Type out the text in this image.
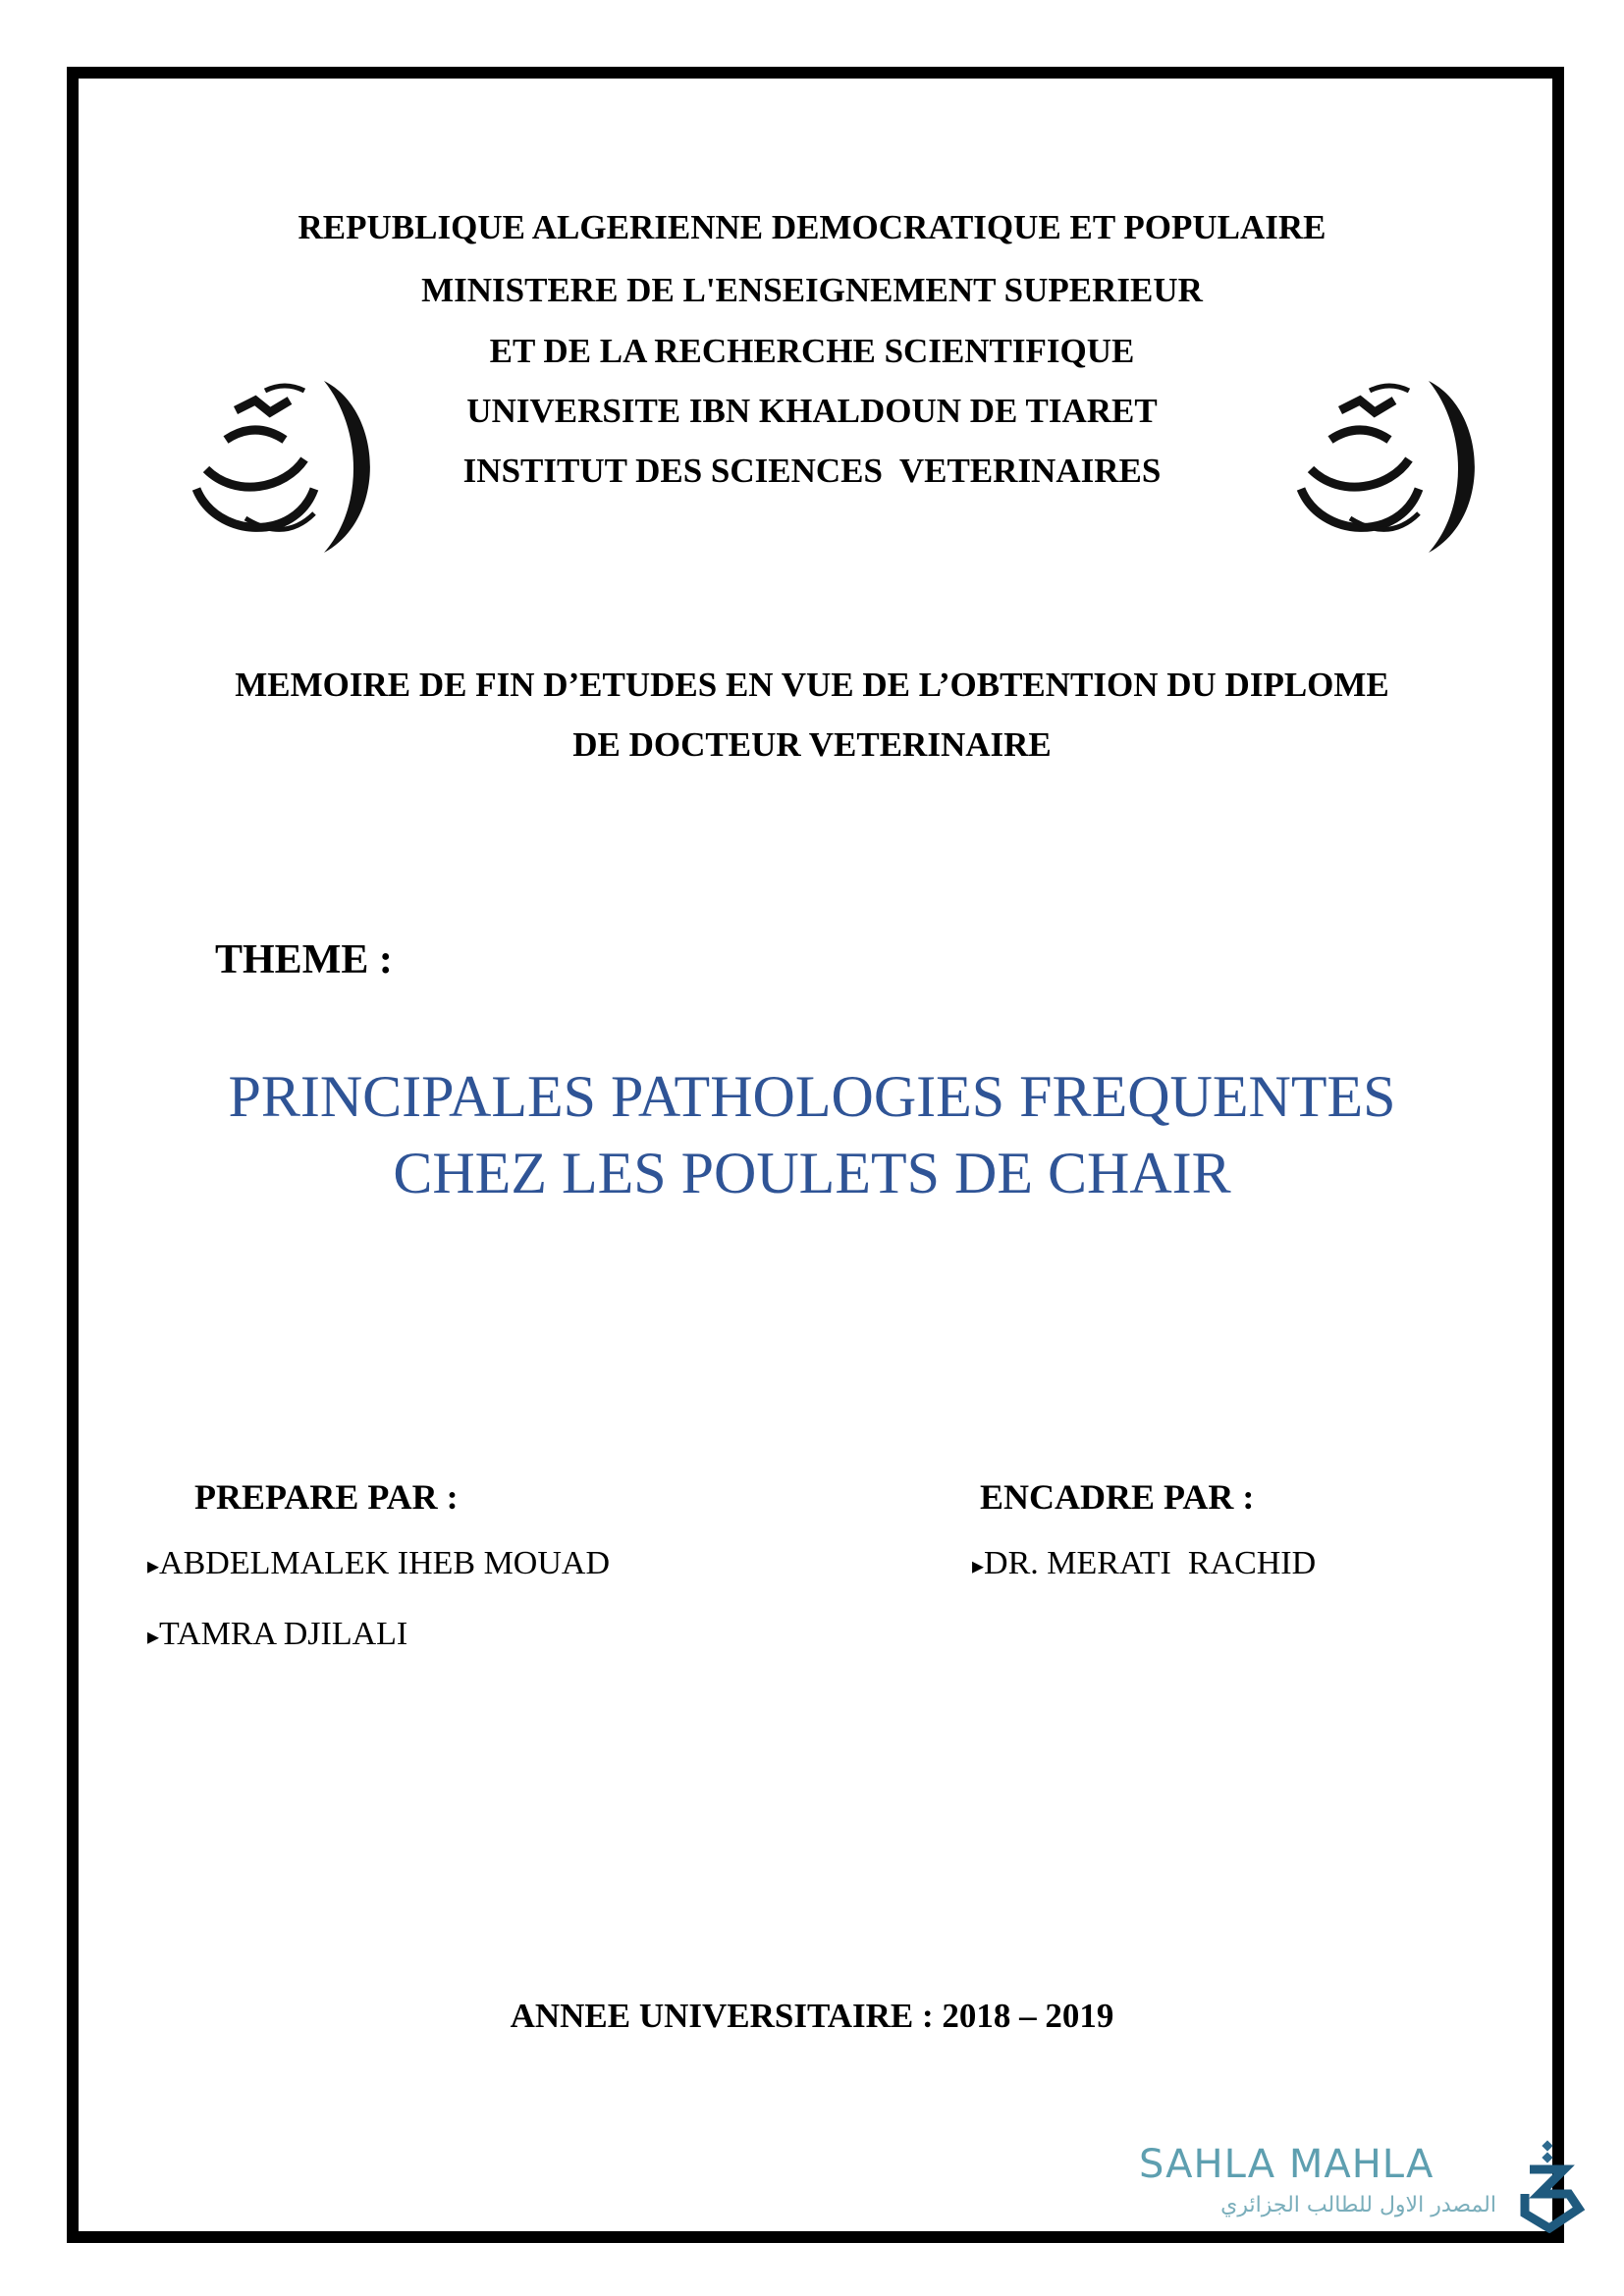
REPUBLIQUE ALGERIENNE DEMOCRATIQUE ET POPULAIRE
MINISTERE DE L'ENSEIGNEMENT SUPERIEUR
ET DE LA RECHERCHE SCIENTIFIQUE
UNIVERSITE IBN KHALDOUN DE TIARET
INSTITUT DES SCIENCES  VETERINAIRES
MEMOIRE DE FIN D’ETUDES EN VUE DE L’OBTENTION DU DIPLOME
DE DOCTEUR VETERINAIRE
THEME :
PRINCIPALES PATHOLOGIES FREQUENTES
CHEZ LES POULETS DE CHAIR
PREPARE PAR :	ENCADRE PAR :
▸ABDELMALEK IHEB MOUAD
▸TAMRA DJILALI
▸DR. MERATI  RACHID
ANNEE UNIVERSITAIRE : 2018 – 2019
SAHLA MAHLA
المصدر الاول للطالب الجزائري
